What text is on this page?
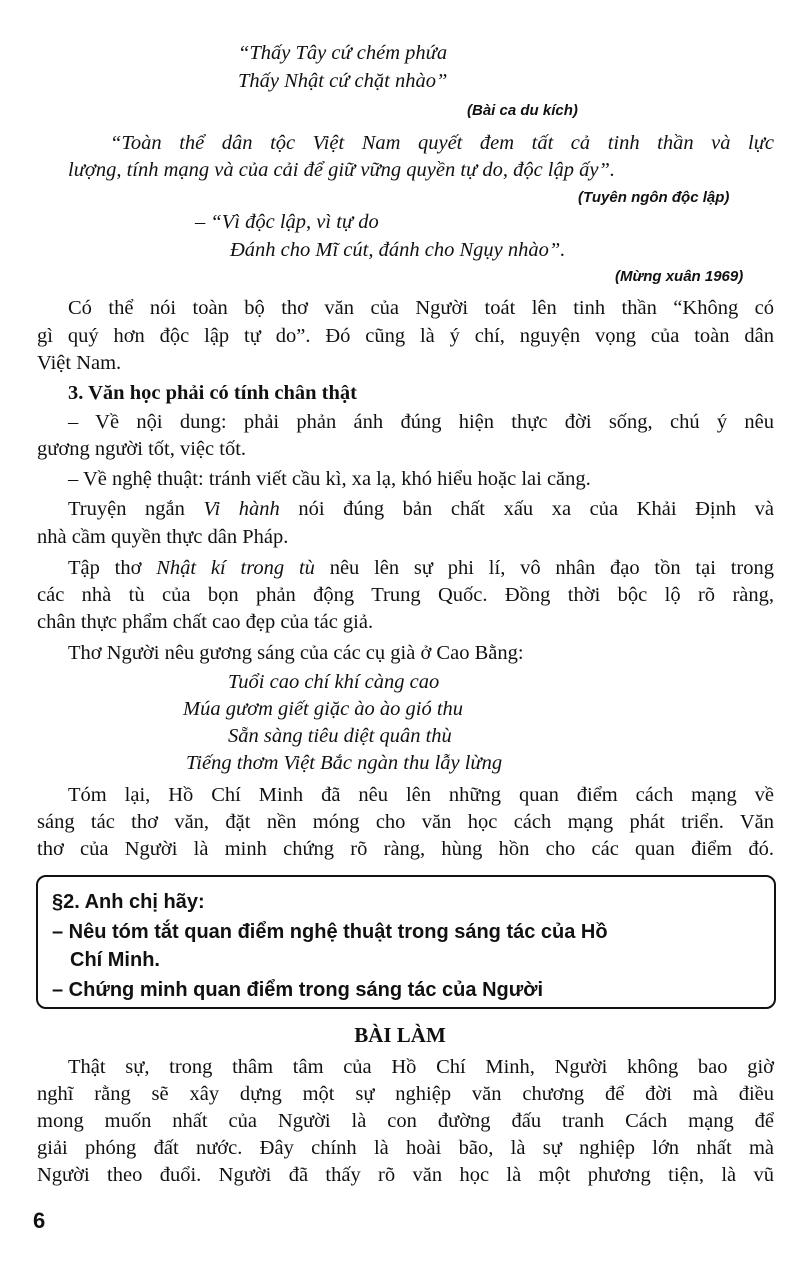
“Thấy Tây cứ chém phứa
Thấy Nhật cứ chặt nhào”
(Bài ca du kích)
“Toàn thể dân tộc Việt Nam quyết đem tất cả tinh thần và lực
lượng, tính mạng và của cải để giữ vững quyền tự do, độc lập ấy”.
(Tuyên ngôn độc lập)
– “Vì độc lập, vì tự do
Đánh cho Mĩ cút, đánh cho Ngụy nhào”.
(Mừng xuân 1969)
Có thể nói toàn bộ thơ văn của Người toát lên tinh thần “Không có
gì quý hơn độc lập tự do”. Đó cũng là ý chí, nguyện vọng của toàn dân
Việt Nam.
3. Văn học phải có tính chân thật
– Về nội dung: phải phản ánh đúng hiện thực đời sống, chú ý nêu
gương người tốt, việc tốt.
– Về nghệ thuật: tránh viết cầu kì, xa lạ, khó hiểu hoặc lai căng.
Truyện ngắn Vi hành nói đúng bản chất xấu xa của Khải Định và
nhà cầm quyền thực dân Pháp.
Tập thơ Nhật kí trong tù nêu lên sự phi lí, vô nhân đạo tồn tại trong
các nhà tù của bọn phản động Trung Quốc. Đồng thời bộc lộ rõ ràng,
chân thực phẩm chất cao đẹp của tác giả.
Thơ Người nêu gương sáng của các cụ già ở Cao Bằng:
Tuổi cao chí khí càng cao
Múa gươm giết giặc ào ào gió thu
Sẵn sàng tiêu diệt quân thù
Tiếng thơm Việt Bắc ngàn thu lẫy lừng
Tóm lại, Hồ Chí Minh đã nêu lên những quan điểm cách mạng về
sáng tác thơ văn, đặt nền móng cho văn học cách mạng phát triển. Văn
thơ của Người là minh chứng rõ ràng, hùng hồn cho các quan điểm đó.
§2. Anh chị hãy:
– Nêu tóm tắt quan điểm nghệ thuật trong sáng tác của Hồ
Chí Minh.
– Chứng minh quan điểm trong sáng tác của Người
BÀI LÀM
Thật sự, trong thâm tâm của Hồ Chí Minh, Người không bao giờ
nghĩ rằng sẽ xây dựng một sự nghiệp văn chương để đời mà điều
mong muốn nhất của Người là con đường đấu tranh Cách mạng để
giải phóng đất nước. Đây chính là hoài bão, là sự nghiệp lớn nhất mà
Người theo đuổi. Người đã thấy rõ văn học là một phương tiện, là vũ
6
